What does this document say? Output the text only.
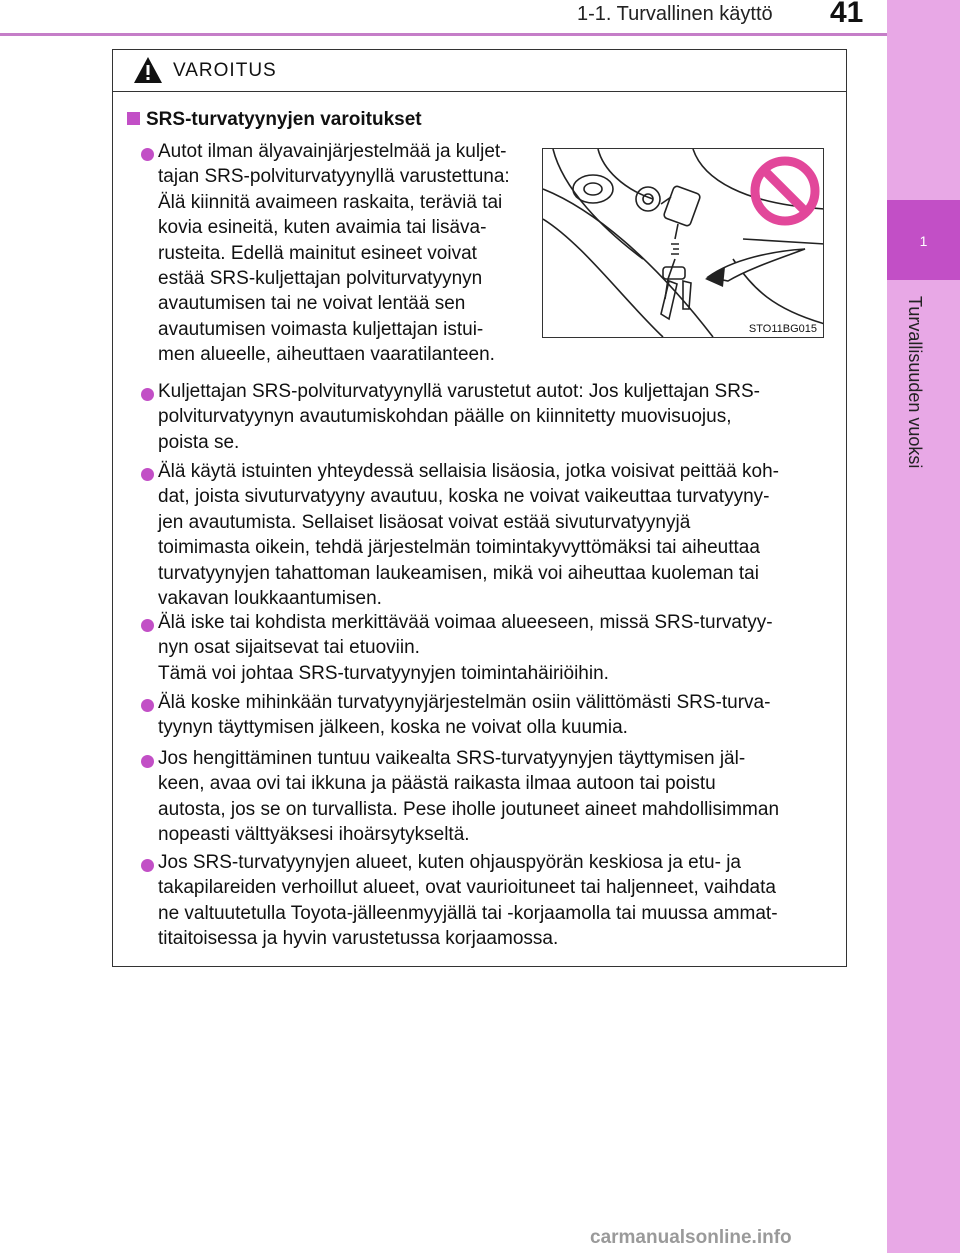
1-1. Turvallinen käyttö 41
1
Turvallisuuden vuoksi
VAROITUS
SRS-turvatyynyjen varoitukset
Autot ilman älyavainjärjestelmää ja kuljet-
tajan SRS-polviturvatyynyllä varustettuna:
Älä kiinnitä avaimeen raskaita, teräviä tai
kovia esineitä, kuten avaimia tai lisäva-
rusteita. Edellä mainitut esineet voivat
estää SRS-kuljettajan polviturvatyynyn
avautumisen tai ne voivat lentää sen
avautumisen voimasta kuljettajan istui-
men alueelle, aiheuttaen vaaratilanteen.
STO11BG015
Kuljettajan SRS-polviturvatyynyllä varustetut autot: Jos kuljettajan SRS-
polviturvatyynyn avautumiskohdan päälle on kiinnitetty muovisuojus,
poista se.
Älä käytä istuinten yhteydessä sellaisia lisäosia, jotka voisivat peittää koh-
dat, joista sivuturvatyyny avautuu, koska ne voivat vaikeuttaa turvatyyny-
jen avautumista. Sellaiset lisäosat voivat estää sivuturvatyynyjä
toimimasta oikein, tehdä järjestelmän toimintakyvyttömäksi tai aiheuttaa
turvatyynyjen tahattoman laukeamisen, mikä voi aiheuttaa kuoleman tai
vakavan loukkaantumisen.
Älä iske tai kohdista merkittävää voimaa alueeseen, missä SRS-turvatyy-
nyn osat sijaitsevat tai etuoviin.
Tämä voi johtaa SRS-turvatyynyjen toimintahäiriöihin.
Älä koske mihinkään turvatyynyjärjestelmän osiin välittömästi SRS-turva-
tyynyn täyttymisen jälkeen, koska ne voivat olla kuumia.
Jos hengittäminen tuntuu vaikealta SRS-turvatyynyjen täyttymisen jäl-
keen, avaa ovi tai ikkuna ja päästä raikasta ilmaa autoon tai poistu
autosta, jos se on turvallista. Pese iholle joutuneet aineet mahdollisimman
nopeasti välttyäksesi ihoärsytykseltä.
Jos SRS-turvatyynyjen alueet, kuten ohjauspyörän keskiosa ja etu- ja
takapilareiden verhoillut alueet, ovat vaurioituneet tai haljenneet, vaihdata
ne valtuutetulla Toyota-jälleenmyyjällä tai -korjaamolla tai muussa ammat-
titaitoisessa ja hyvin varustetussa korjaamossa.
carmanualsonline.info
